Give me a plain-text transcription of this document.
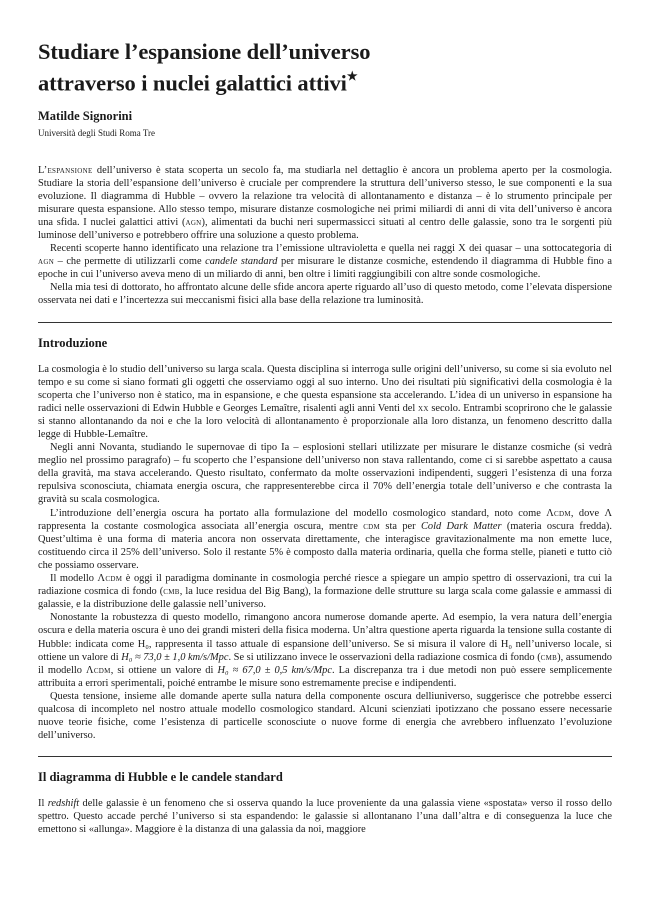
Studiare l’espansione dell’universo
attraverso i nuclei galattici attivi★
Matilde Signorini
Università degli Studi Roma Tre

L’espansione dell’universo è stata scoperta un secolo fa, ma studiarla nel dettaglio è ancora un problema aperto per la cosmologia. Studiare la storia dell’espansione dell’universo è cruciale per comprendere la struttura dell’universo stesso, le sue componenti e la sua evoluzione. Il diagramma di Hubble – ovvero la relazione tra velocità di allontanamento e distanza – è lo strumento principale per misurare questa espansione. Allo stesso tempo, misurare distanze cosmologiche nei primi miliardi di anni di vita dell’universo è ancora una sfida. I nuclei galattici attivi (agn), alimentati da buchi neri supermassicci situati al centro delle galassie, sono tra le sorgenti più luminose dell’universo e potrebbero offrire una soluzione a questo problema.

Recenti scoperte hanno identificato una relazione tra l’emissione ultravioletta e quella nei raggi X dei quasar – una sottocategoria di agn – che permette di utilizzarli come candele standard per misurare le distanze cosmiche, estendendo il diagramma di Hubble fino a epoche in cui l’universo aveva meno di un miliardo di anni, ben oltre i limiti raggiungibili con altre sonde cosmologiche.

Nella mia tesi di dottorato, ho affrontato alcune delle sfide ancora aperte riguardo all’uso di questo metodo, come l’elevata dispersione osservata nei dati e l’incertezza sui meccanismi fisici alla base della relazione tra luminosità.

Introduzione

La cosmologia è lo studio dell’universo su larga scala. Questa disciplina si interroga sulle origini dell’universo, su come si sia evoluto nel tempo e su come si siano formati gli oggetti che osserviamo oggi al suo interno. Uno dei risultati più significativi della cosmologia è la scoperta che l’universo non è statico, ma in espansione, e che questa espansione sta accelerando. L’idea di un universo in espansione ha radici nelle osservazioni di Edwin Hubble e Georges Lemaître, risalenti agli anni Venti del xx secolo. Entrambi scoprirono che le galassie si stanno allontanando da noi e che la loro velocità di allontanamento è proporzionale alla loro distanza, un fenomeno descritto dalla legge di Hubble-Lemaître.

Negli anni Novanta, studiando le supernovae di tipo Ia – esplosioni stellari utilizzate per misurare le distanze cosmiche (si vedrà meglio nel prossimo paragrafo) – fu scoperto che l’espansione dell’universo non stava rallentando, come ci si sarebbe aspettato a causa della gravità, ma stava accelerando. Questo risultato, confermato da molte osservazioni indipendenti, suggerì l’esistenza di una forza repulsiva sconosciuta, chiamata energia oscura, che rappresenterebbe circa il 70% dell’energia totale dell’universo e che contrasta la gravità su scala cosmologica.

L’introduzione dell’energia oscura ha portato alla formulazione del modello cosmologico standard, noto come Λcdm, dove Λ rappresenta la costante cosmologica associata all’energia oscura, mentre cdm sta per Cold Dark Matter (materia oscura fredda). Quest’ultima è una forma di materia ancora non osservata direttamente, che interagisce gravitazionalmente ma non emette luce, costituendo circa il 25% dell’universo. Solo il restante 5% è composto dalla materia ordinaria, quella che forma stelle, pianeti e tutto ciò che possiamo osservare.

Il modello Λcdm è oggi il paradigma dominante in cosmologia perché riesce a spiegare un ampio spettro di osservazioni, tra cui la radiazione cosmica di fondo (cmb, la luce residua del Big Bang), la formazione delle strutture su larga scala come galassie e ammassi di galassie, e la distribuzione delle galassie nell’universo.

Nonostante la robustezza di questo modello, rimangono ancora numerose domande aperte. Ad esempio, la vera natura dell’energia oscura e della materia oscura è uno dei grandi misteri della fisica moderna. Un’altra questione aperta riguarda la tensione sulla costante di Hubble: indicata come H₀, rappresenta il tasso attuale di espansione dell’universo. Se si misura il valore di H₀ nell’universo locale, si ottiene un valore di H₀ ≈ 73,0 ± 1,0 km/s/Mpc. Se si utilizzano invece le osservazioni della radiazione cosmica di fondo (cmb), assumendo il modello Λcdm, si ottiene un valore di H₀ ≈ 67,0 ± 0,5 km/s/Mpc. La discrepanza tra i due metodi non può essere semplicemente attribuita a errori sperimentali, poiché entrambe le misure sono estremamente precise e indipendenti.

Questa tensione, insieme alle domande aperte sulla natura della componente oscura delliuniverso, suggerisce che potrebbe esserci qualcosa di incompleto nel nostro attuale modello cosmologico standard. Alcuni scienziati ipotizzano che possano essere necessarie nuove teorie fisiche, come l’esistenza di particelle sconosciute o nuove forme di energia che avrebbero influenzato l’evoluzione dell’universo.

Il diagramma di Hubble e le candele standard

Il redshift delle galassie è un fenomeno che si osserva quando la luce proveniente da una galassia viene «spostata» verso il rosso dello spettro. Questo accade perché l’universo si sta espandendo: le galassie si allontanano l’una dall’altra e di conseguenza la luce che emettono si «allunga». Maggiore è la distanza di una galassia da noi, maggiore
